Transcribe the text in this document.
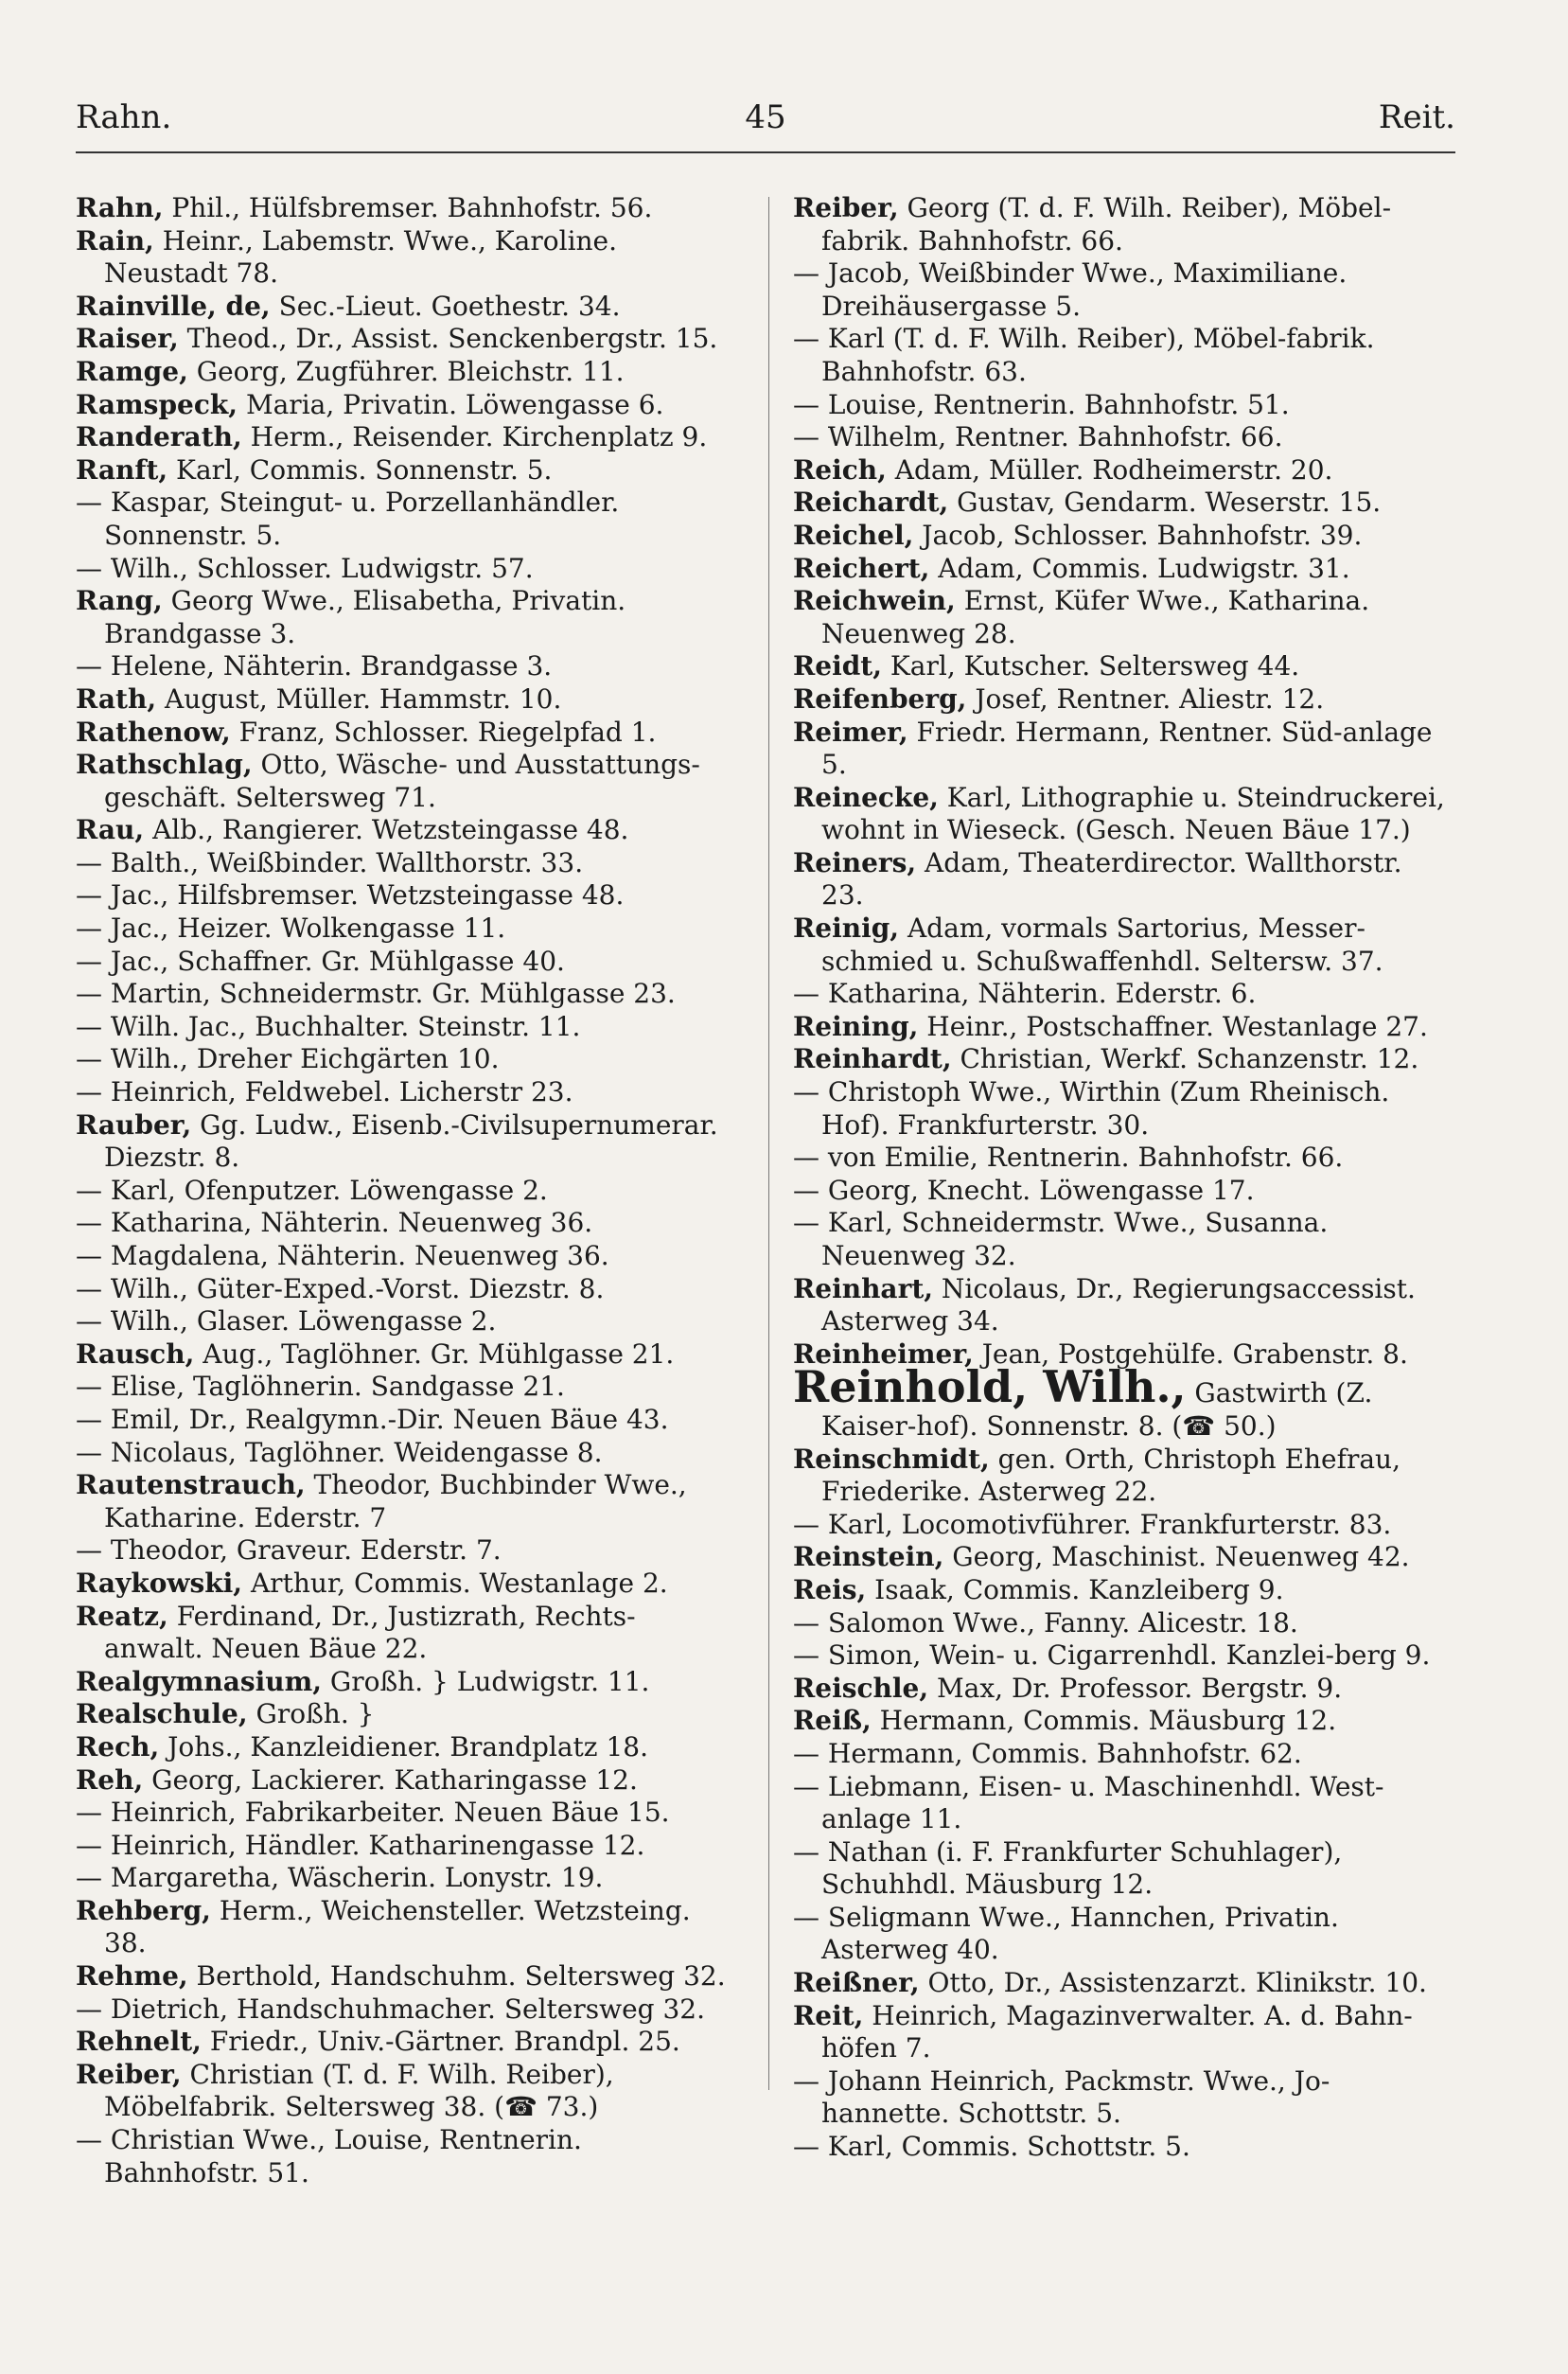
Rahn.	45	Reit.

Rahn, Phil., Hülfsbremser. Bahnhofstr. 56.

Rain, Heinr., Labemstr. Wwe., Karoline. Neustadt 78.

Rainville, de, Sec.-Lieut. Goethestr. 34.

Raiser, Theod., Dr., Assist. Senckenbergstr. 15.

Ramge, Georg, Zugführer. Bleichstr. 11.

Ramspeck, Maria, Privatin. Löwengasse 6.

Randerath, Herm., Reisender. Kirchenplatz 9.

Ranft, Karl, Commis. Sonnenstr. 5.

— Kaspar, Steingut- u. Porzellanhändler. Sonnenstr. 5.

— Wilh., Schlosser. Ludwigstr. 57.

Rang, Georg Wwe., Elisabetha, Privatin. Brandgasse 3.

— Helene, Nähterin. Brandgasse 3.

Rath, August, Müller. Hammstr. 10.

Rathenow, Franz, Schlosser. Riegelpfad 1.

Rathschlag, Otto, Wäsche- und Ausstattungs-geschäft. Seltersweg 71.

Rau, Alb., Rangierer. Wetzsteingasse 48.

— Balth., Weißbinder. Wallthorstr. 33.

— Jac., Hilfsbremser. Wetzsteingasse 48.

— Jac., Heizer. Wolkengasse 11.

— Jac., Schaffner. Gr. Mühlgasse 40.

— Martin, Schneidermstr. Gr. Mühlgasse 23.

— Wilh. Jac., Buchhalter. Steinstr. 11.

— Wilh., Dreher Eichgärten 10.

— Heinrich, Feldwebel. Licherstr 23.

Rauber, Gg. Ludw., Eisenb.-Civilsupernumerar. Diezstr. 8.

— Karl, Ofenputzer. Löwengasse 2.

— Katharina, Nähterin. Neuenweg 36.

— Magdalena, Nähterin. Neuenweg 36.

— Wilh., Güter-Exped.-Vorst. Diezstr. 8.

— Wilh., Glaser. Löwengasse 2.

Rausch, Aug., Taglöhner. Gr. Mühlgasse 21.

— Elise, Taglöhnerin. Sandgasse 21.

— Emil, Dr., Realgymn.-Dir. Neuen Bäue 43.

— Nicolaus, Taglöhner. Weidengasse 8.

Rautenstrauch, Theodor, Buchbinder Wwe., Katharine. Ederstr. 7

— Theodor, Graveur. Ederstr. 7.

Raykowski, Arthur, Commis. Westanlage 2.

Reatz, Ferdinand, Dr., Justizrath, Rechts-anwalt. Neuen Bäue 22.

Realgymnasium, Großh. } Ludwigstr. 11.

Realschule, Großh. }

Rech, Johs., Kanzleidiener. Brandplatz 18.

Reh, Georg, Lackierer. Katharingasse 12.

— Heinrich, Fabrikarbeiter. Neuen Bäue 15.

— Heinrich, Händler. Katharinengasse 12.

— Margaretha, Wäscherin. Lonystr. 19.

Rehberg, Herm., Weichensteller. Wetzsteing. 38.

Rehme, Berthold, Handschuhm. Seltersweg 32.

— Dietrich, Handschuhmacher. Seltersweg 32.

Rehnelt, Friedr., Univ.-Gärtner. Brandpl. 25.

Reiber, Christian (T. d. F. Wilh. Reiber), Möbelfabrik. Seltersweg 38. (☎ 73.)

— Christian Wwe., Louise, Rentnerin. Bahnhofstr. 51.

Reiber, Georg (T. d. F. Wilh. Reiber), Möbel-fabrik. Bahnhofstr. 66.

— Jacob, Weißbinder Wwe., Maximiliane. Dreihäusergasse 5.

— Karl (T. d. F. Wilh. Reiber), Möbel-fabrik. Bahnhofstr. 63.

— Louise, Rentnerin. Bahnhofstr. 51.

— Wilhelm, Rentner. Bahnhofstr. 66.

Reich, Adam, Müller. Rodheimerstr. 20.

Reichardt, Gustav, Gendarm. Weserstr. 15.

Reichel, Jacob, Schlosser. Bahnhofstr. 39.

Reichert, Adam, Commis. Ludwigstr. 31.

Reichwein, Ernst, Küfer Wwe., Katharina. Neuenweg 28.

Reidt, Karl, Kutscher. Seltersweg 44.

Reifenberg, Josef, Rentner. Aliestr. 12.

Reimer, Friedr. Hermann, Rentner. Süd-anlage 5.

Reinecke, Karl, Lithographie u. Steindruckerei, wohnt in Wieseck. (Gesch. Neuen Bäue 17.)

Reiners, Adam, Theaterdirector. Wallthorstr. 23.

Reinig, Adam, vormals Sartorius, Messer-schmied u. Schußwaffenhdl. Seltersw. 37.

— Katharina, Nähterin. Ederstr. 6.

Reining, Heinr., Postschaffner. Westanlage 27.

Reinhardt, Christian, Werkf. Schanzenstr. 12.

— Christoph Wwe., Wirthin (Zum Rheinisch. Hof). Frankfurterstr. 30.

— von Emilie, Rentnerin. Bahnhofstr. 66.

— Georg, Knecht. Löwengasse 17.

— Karl, Schneidermstr. Wwe., Susanna. Neuenweg 32.

Reinhart, Nicolaus, Dr., Regierungsaccessist. Asterweg 34.

Reinheimer, Jean, Postgehülfe. Grabenstr. 8.

Reinhold, Wilh., Gastwirth (Z. Kaiser-hof). Sonnenstr. 8. (☎ 50.)

Reinschmidt, gen. Orth, Christoph Ehefrau, Friederike. Asterweg 22.

— Karl, Locomotivführer. Frankfurterstr. 83.

Reinstein, Georg, Maschinist. Neuenweg 42.

Reis, Isaak, Commis. Kanzleiberg 9.

— Salomon Wwe., Fanny. Alicestr. 18.

— Simon, Wein- u. Cigarrenhdl. Kanzlei-berg 9.

Reischle, Max, Dr. Professor. Bergstr. 9.

Reiß, Hermann, Commis. Mäusburg 12.

— Hermann, Commis. Bahnhofstr. 62.

— Liebmann, Eisen- u. Maschinenhdl. West-anlage 11.

— Nathan (i. F. Frankfurter Schuhlager), Schuhhdl. Mäusburg 12.

— Seligmann Wwe., Hannchen, Privatin. Asterweg 40.

Reißner, Otto, Dr., Assistenzarzt. Klinikstr. 10.

Reit, Heinrich, Magazinverwalter. A. d. Bahn-höfen 7.

— Johann Heinrich, Packmstr. Wwe., Jo-hannette. Schottstr. 5.

— Karl, Commis. Schottstr. 5.
